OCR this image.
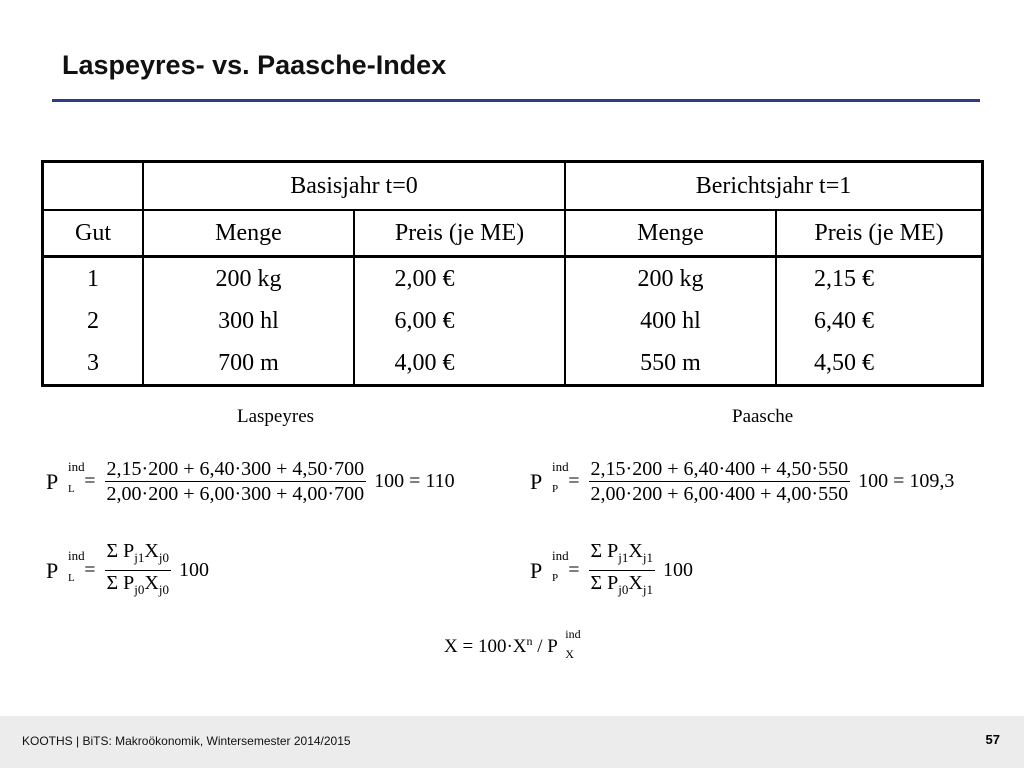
Laspeyres- vs. Paasche-Index
	Basisjahr t=0		Berichtsjahr t=1	
Gut	Menge	Preis (je ME)	Menge	Preis (je ME)
1	200 kg	2,00 €	200 kg	2,15 €
2	300 hl	6,00 €	400 hl	6,40 €
3	700 m	4,00 €	550 m	4,50 €
Laspeyres	Paasche
P
ind
$L = \frac{2,15\cdot 200 + 6,40\cdot 300 + 4,50\cdot 700}{2,00\cdot 200 + 6,00\cdot 300 + 4,00\cdot 700} 100 = 110$	P
ind
$P = \frac{2,15\cdot 200 + 6,40\cdot 400 + 4,50\cdot 550}{2,00\cdot 200 + 6,00\cdot 400 + 4,00\cdot 550} 100 = 109,3$
P
ind
$L = \frac{\Sigma P_{j1}X_{j0}}{\Sigma P_{j0}X_{j0}} 100$	P
ind
$P = \frac{\Sigma P_{j1}X_{j1}}{\Sigma P_{j0}X_{j1}} 100$
$X = 100\cdot X^n / P$
ind
X
KOOTHS | BiTS: Makroökonomik, Wintersemester 2014/2015	57
